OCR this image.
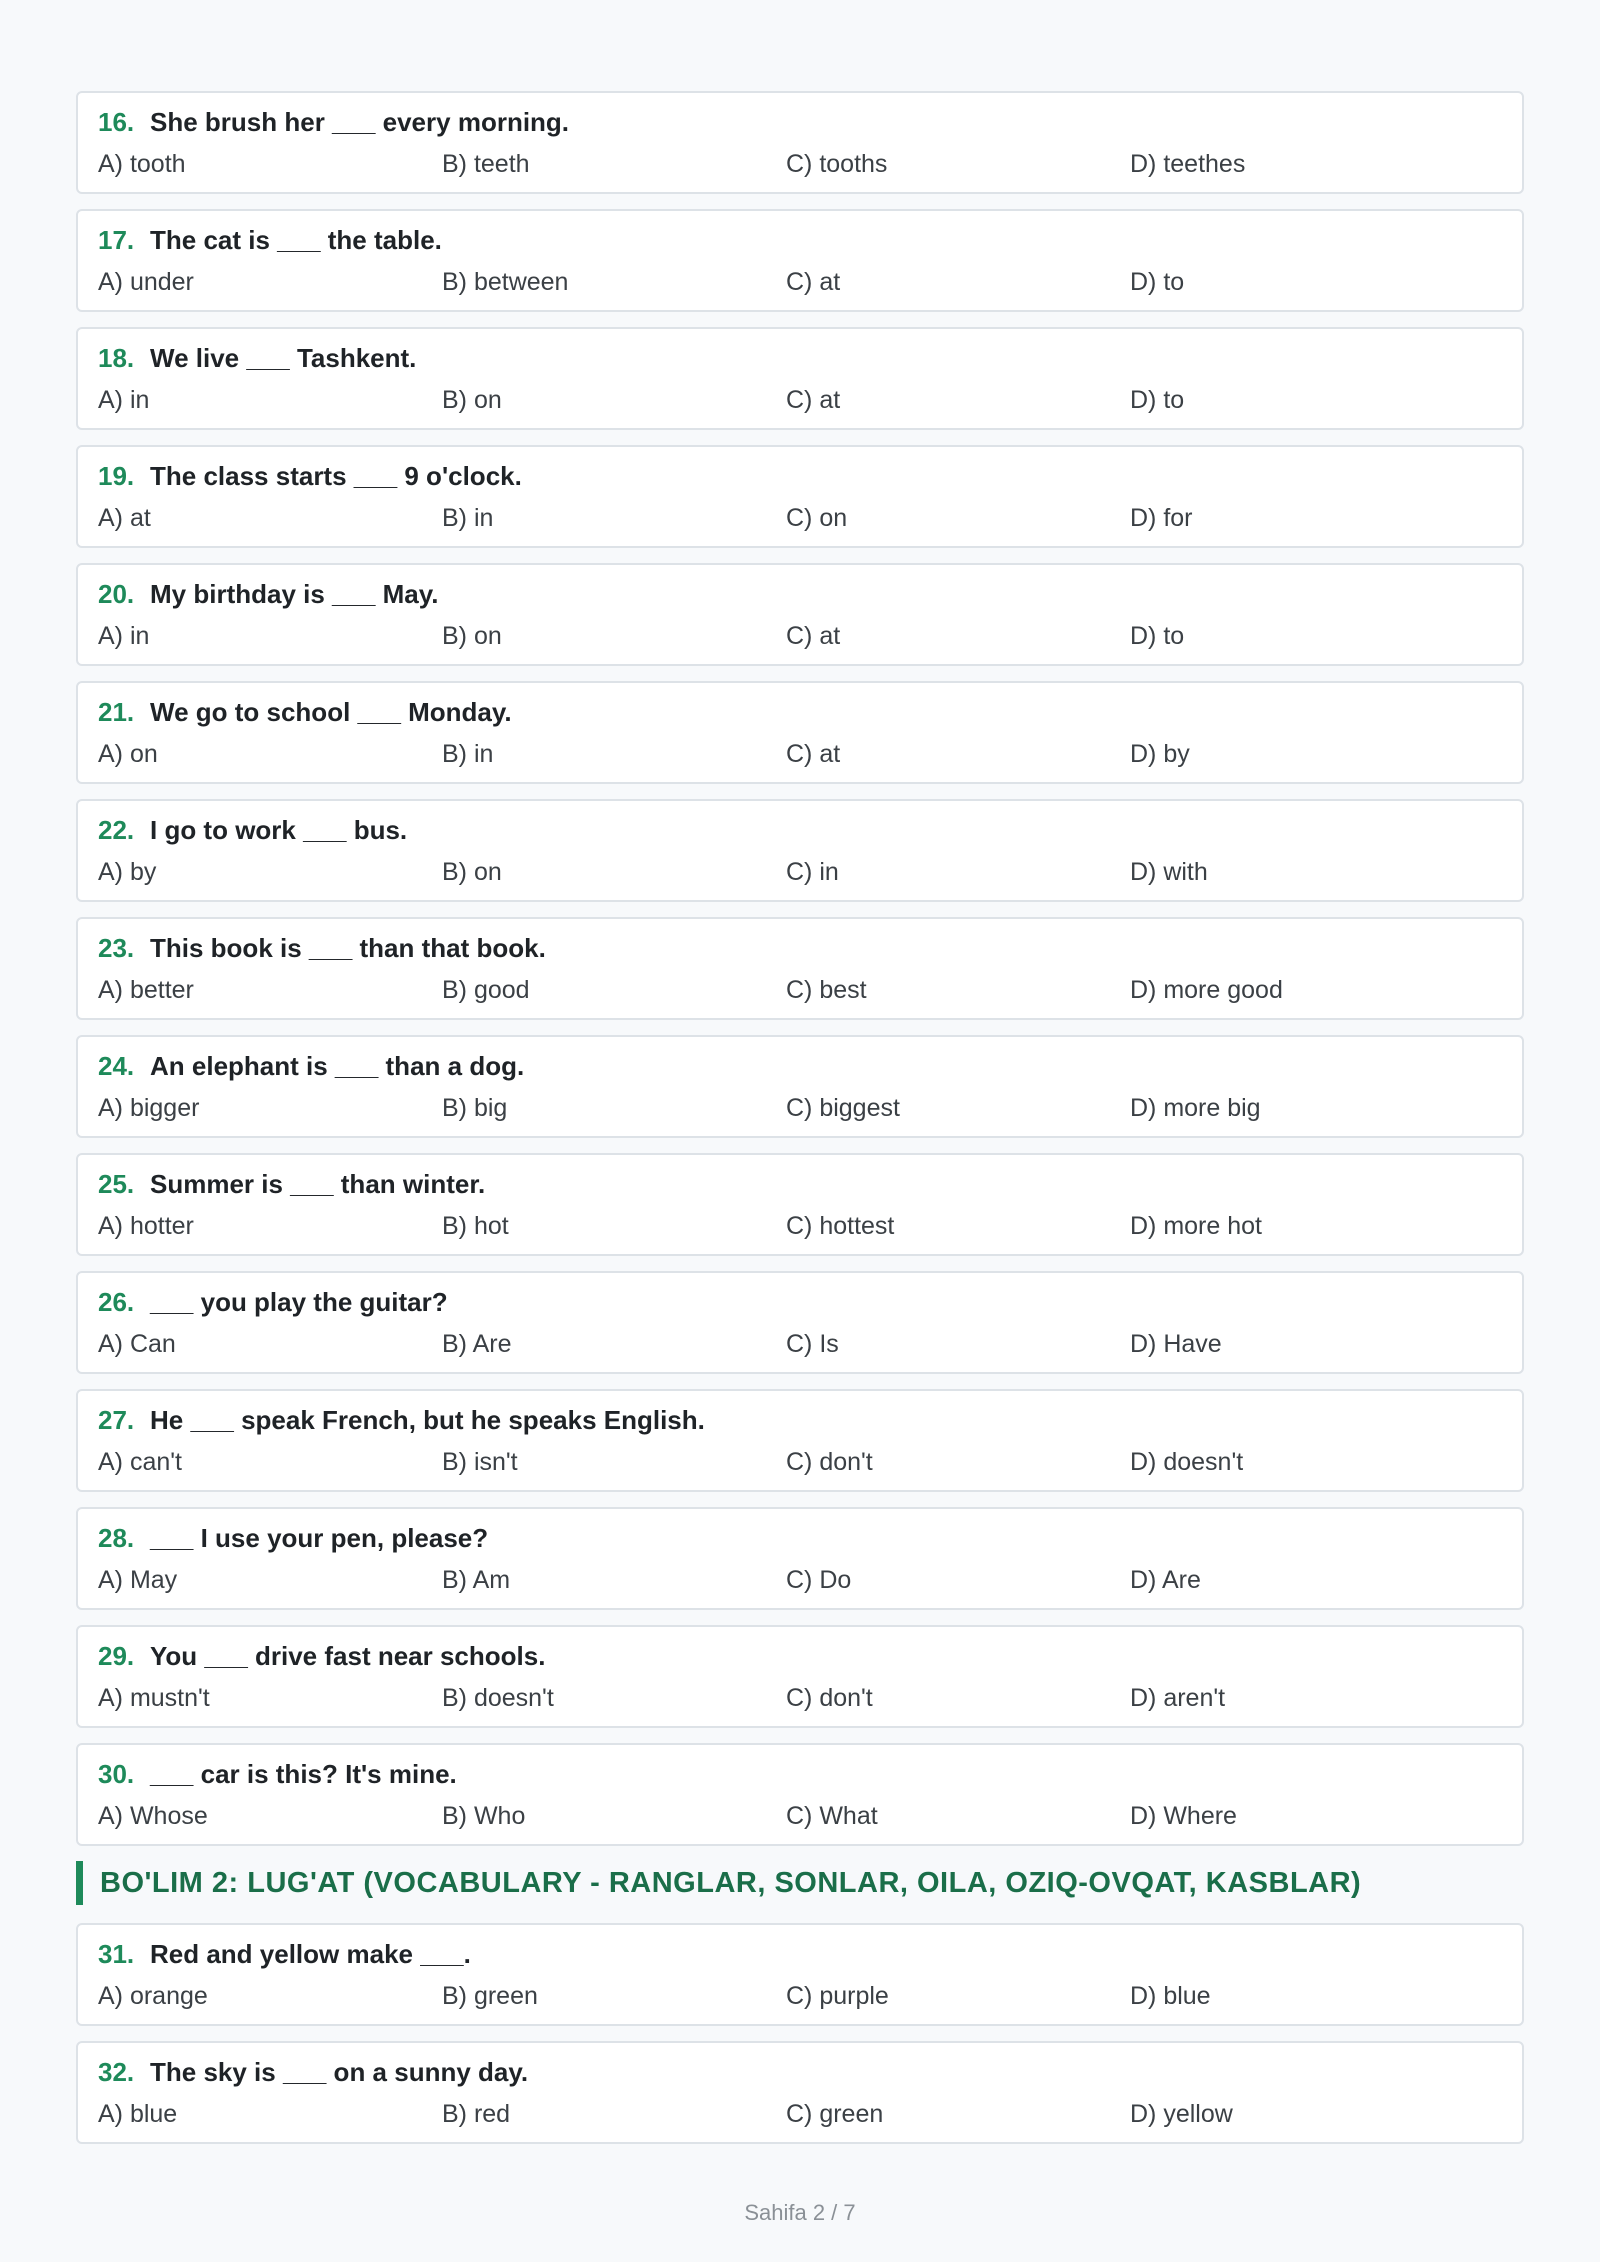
16. She brush her ___ every morning.
A) tooth	B) teeth	C) tooths	D) teethes
17. The cat is ___ the table.
A) under	B) between	C) at	D) to
18. We live ___ Tashkent.
A) in	B) on	C) at	D) to
19. The class starts ___ 9 o'clock.
A) at	B) in	C) on	D) for
20. My birthday is ___ May.
A) in	B) on	C) at	D) to
21. We go to school ___ Monday.
A) on	B) in	C) at	D) by
22. I go to work ___ bus.
A) by	B) on	C) in	D) with
23. This book is ___ than that book.
A) better	B) good	C) best	D) more good
24. An elephant is ___ than a dog.
A) bigger	B) big	C) biggest	D) more big
25. Summer is ___ than winter.
A) hotter	B) hot	C) hottest	D) more hot
26. ___ you play the guitar?
A) Can	B) Are	C) Is	D) Have
27. He ___ speak French, but he speaks English.
A) can't	B) isn't	C) don't	D) doesn't
28. ___ I use your pen, please?
A) May	B) Am	C) Do	D) Are
29. You ___ drive fast near schools.
A) mustn't	B) doesn't	C) don't	D) aren't
30. ___ car is this? It's mine.
A) Whose	B) Who	C) What	D) Where
BO'LIM 2: LUG'AT (VOCABULARY - RANGLAR, SONLAR, OILA, OZIQ-OVQAT, KASBLAR)
31. Red and yellow make ___.
A) orange	B) green	C) purple	D) blue
32. The sky is ___ on a sunny day.
A) blue	B) red	C) green	D) yellow
Sahifa 2 / 7
